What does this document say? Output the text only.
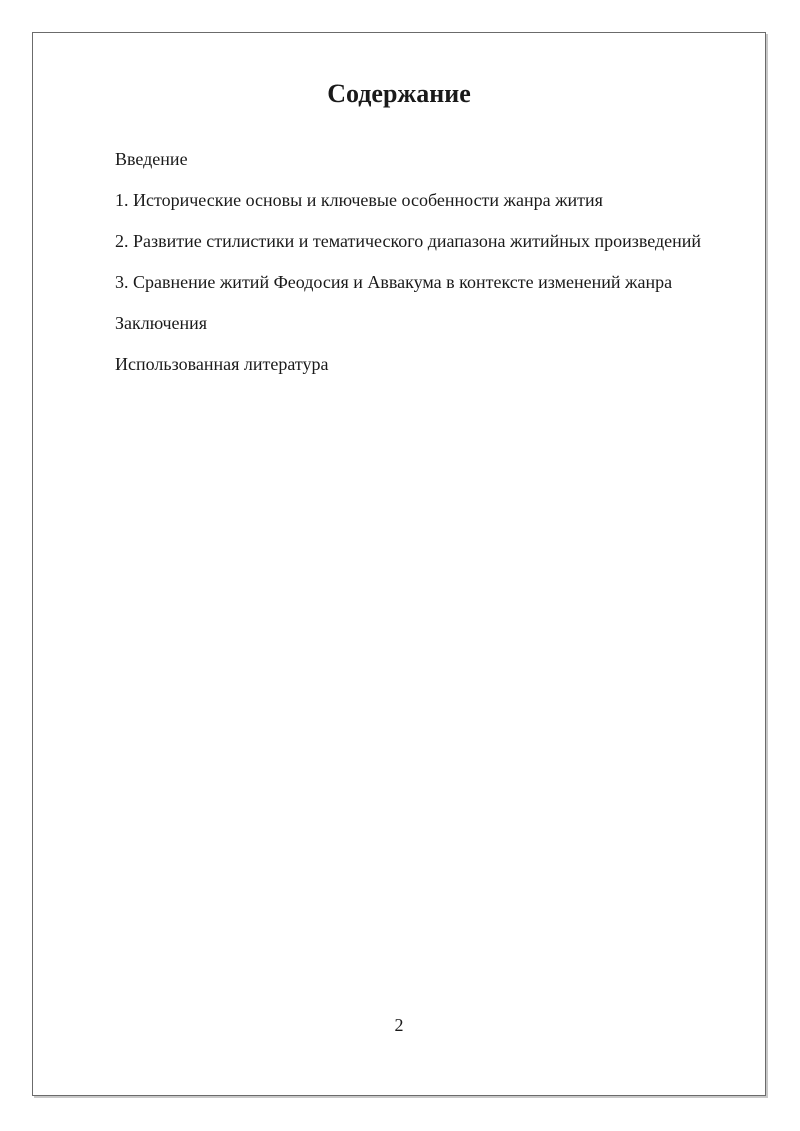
Содержание
Введение
1. Исторические основы и ключевые особенности жанра жития
2. Развитие стилистики и тематического диапазона житийных произведений
3. Сравнение житий Феодосия и Аввакума в контексте изменений жанра
Заключения
Использованная литература

2
